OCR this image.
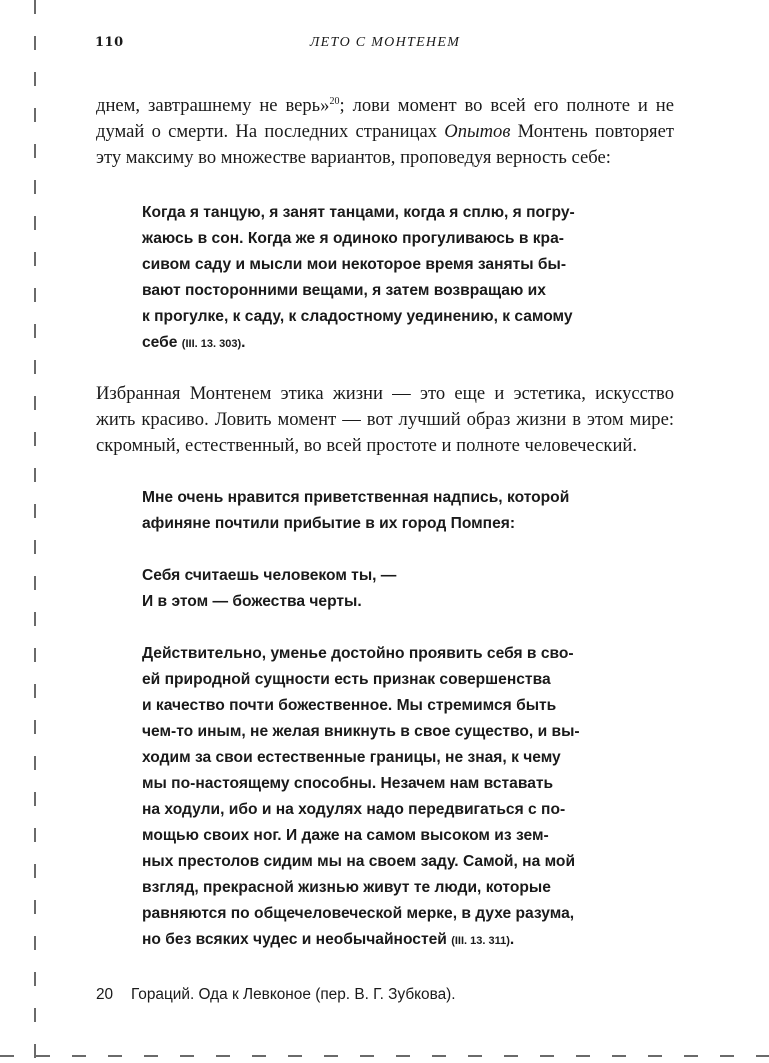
110	ЛЕТО С МОНТЕНЕМ

днем, завтрашнему не верь»$^{20}$; лови момент во всей его полноте и не думай о смерти. На последних страницах Опытов Монтень повторяет эту максиму во множестве вариантов, проповедуя верность себе:

Когда я танцую, я занят танцами, когда я сплю, я погру-
жаюсь в сон. Когда же я одиноко прогуливаюсь в кра-
сивом саду и мысли мои некоторое время заняты бы-
вают посторонними вещами, я затем возвращаю их
к прогулке, к саду, к сладостному уединению, к самому
себе (III. 13. 303).

Избранная Монтенем этика жизни — это еще и эстетика, искусство жить красиво. Ловить момент — вот лучший образ жизни в этом мире: скромный, естественный, во всей простоте и полноте человеческий.

Мне очень нравится приветственная надпись, которой
афиняне почтили прибытие в их город Помпея:

Себя считаешь человеком ты, —
И в этом — божества черты.

Действительно, уменье достойно проявить себя в сво-
ей природной сущности есть признак совершенства
и качество почти божественное. Мы стремимся быть
чем-то иным, не желая вникнуть в свое существо, и вы-
ходим за свои естественные границы, не зная, к чему
мы по-настоящему способны. Незачем нам вставать
на ходули, ибо и на ходулях надо передвигаться с по-
мощью своих ног. И даже на самом высоком из зем-
ных престолов сидим мы на своем заду. Самой, на мой
взгляд, прекрасной жизнью живут те люди, которые
равняются по общечеловеческой мерке, в духе разума,
но без всяких чудес и необычайностей (III. 13. 311).

20 Гораций. Ода к Левконое (пер. В. Г. Зубкова).
